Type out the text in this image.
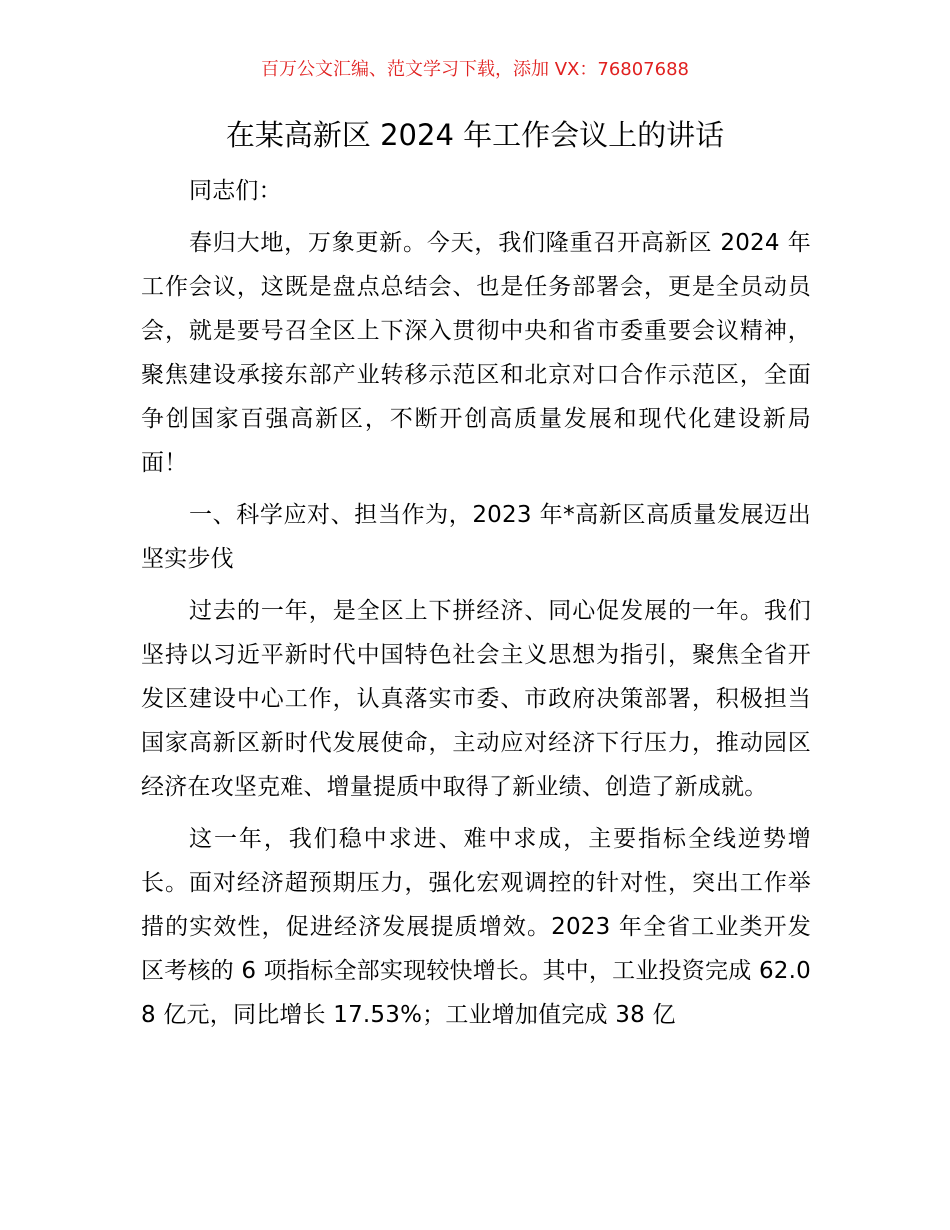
百万公文汇编、范文学习下载，添加 VX：76807688
在某高新区 2024 年工作会议上的讲话

同志们：

春归大地，万象更新。今天，我们隆重召开高新区 2024 年工作会议，这既是盘点总结会、也是任务部署会，更是全员动员会，就是要号召全区上下深入贯彻中央和省市委重要会议精神，聚焦建设承接东部产业转移示范区和北京对口合作示范区，全面争创国家百强高新区，不断开创高质量发展和现代化建设新局面！

一、科学应对、担当作为，2023 年*高新区高质量发展迈出坚实步伐

过去的一年，是全区上下拼经济、同心促发展的一年。我们坚持以习近平新时代中国特色社会主义思想为指引，聚焦全省开发区建设中心工作，认真落实市委、市政府决策部署，积极担当国家高新区新时代发展使命，主动应对经济下行压力，推动园区经济在攻坚克难、增量提质中取得了新业绩、创造了新成就。

这一年，我们稳中求进、难中求成，主要指标全线逆势增长。面对经济超预期压力，强化宏观调控的针对性，突出工作举措的实效性，促进经济发展提质增效。2023 年全省工业类开发区考核的 6 项指标全部实现较快增长。其中，工业投资完成 62.08 亿元，同比增长 17.53%；工业增加值完成 38 亿
